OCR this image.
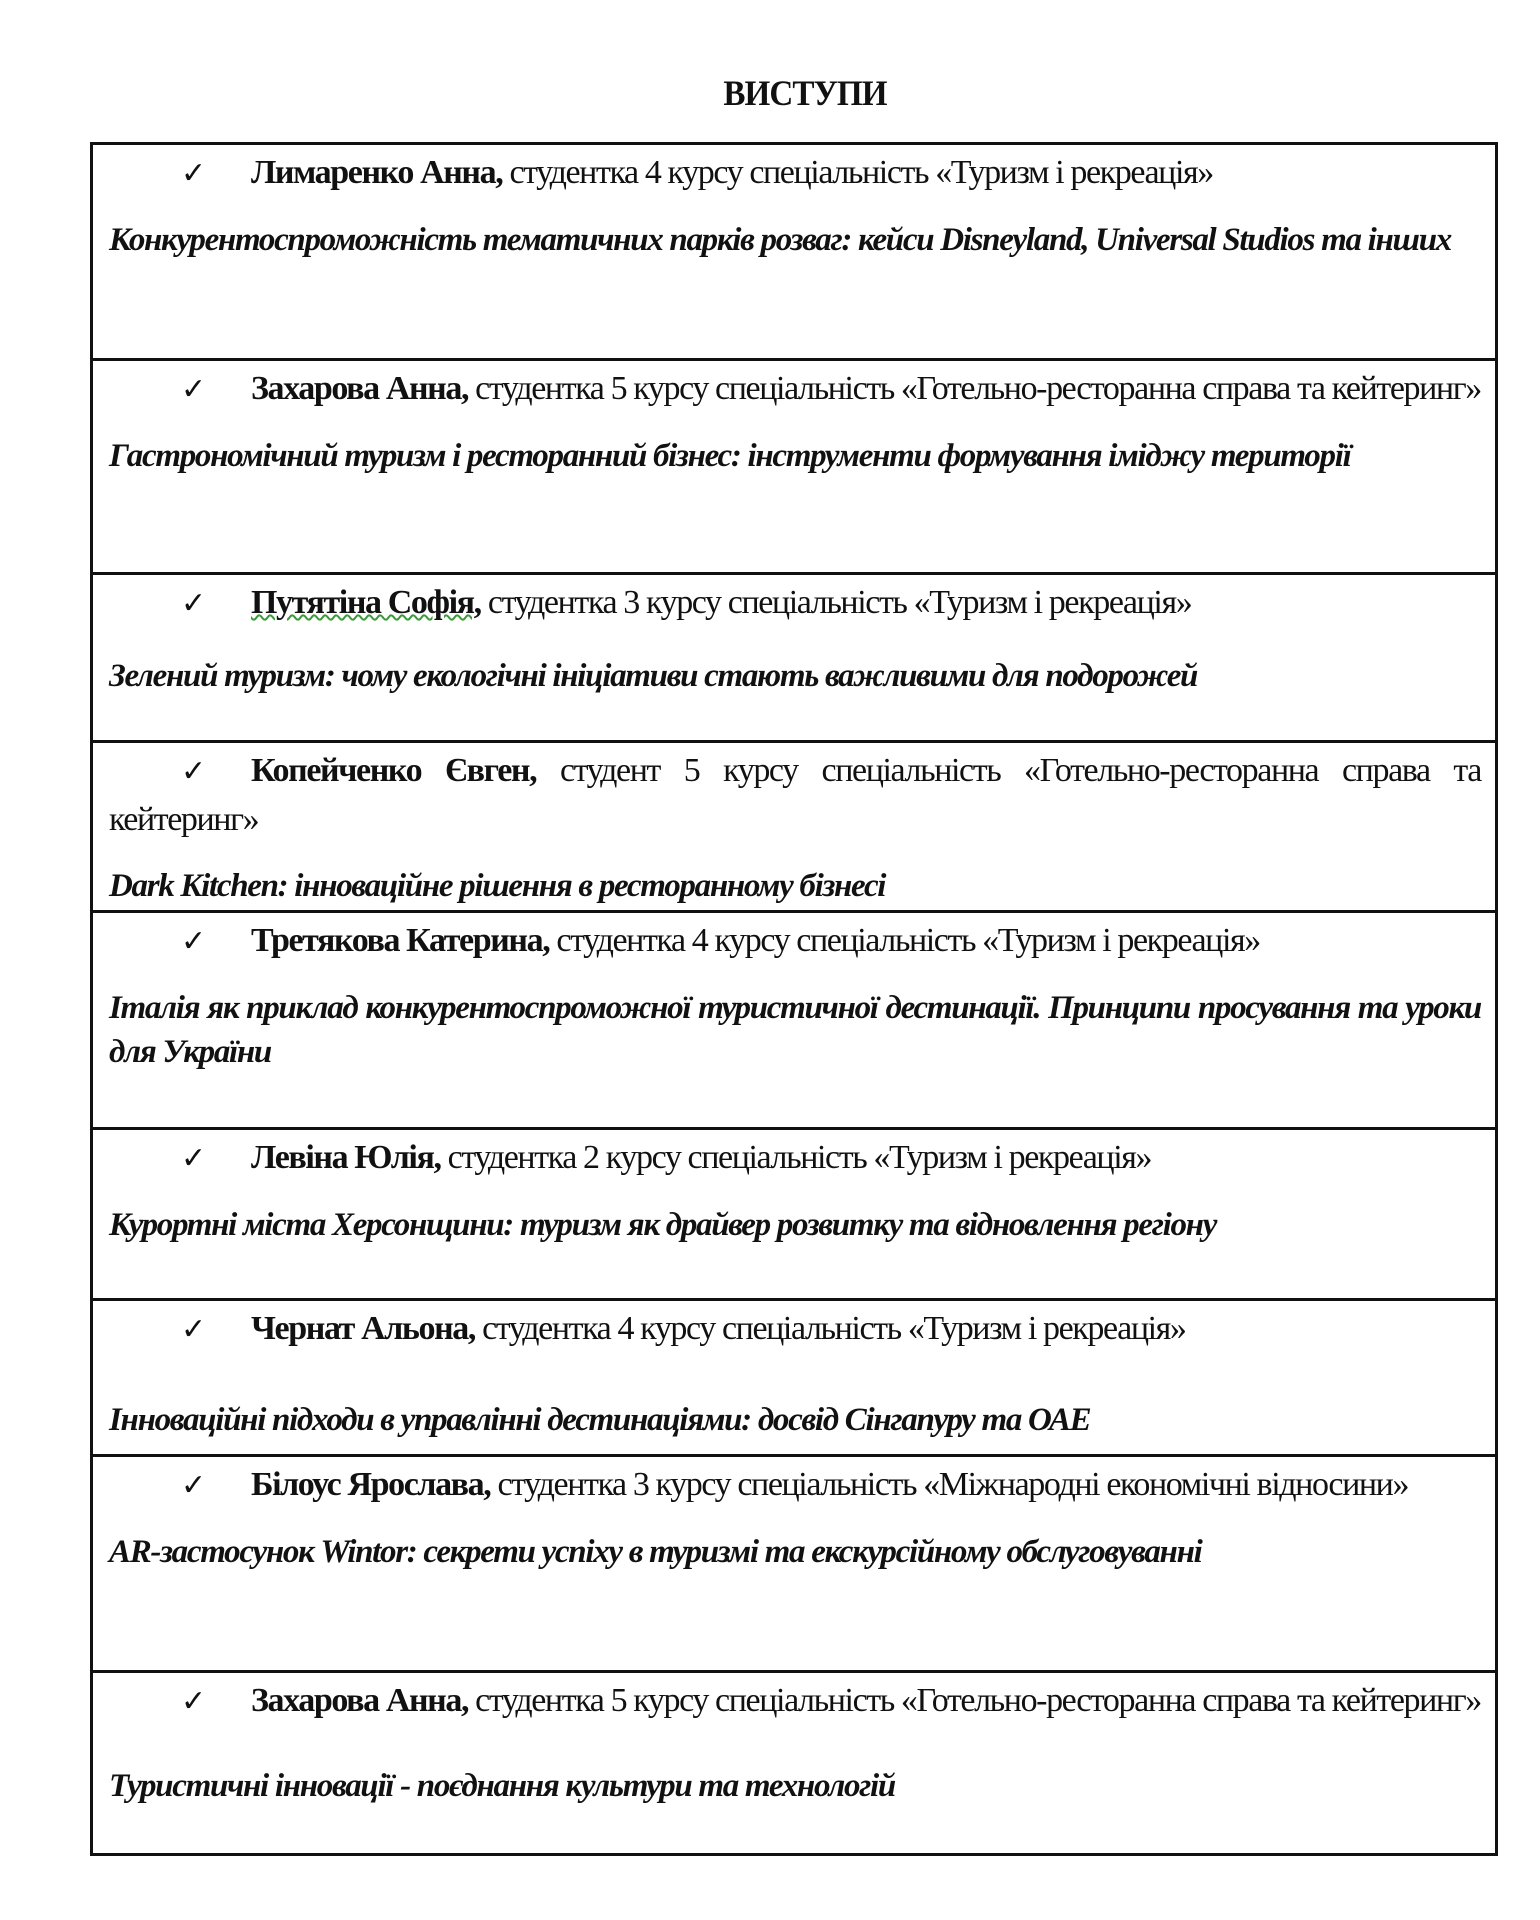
ВИСТУПИ
✓ Лимаренко Анна, студентка 4 курсу спеціальність «Туризм і рекреація»
Конкурентоспроможність тематичних парків розваг: кейси Disneyland, Universal Studios та інших
✓ Захарова Анна, студентка 5 курсу спеціальність «Готельно-ресторанна справа та кейтеринг»
Гастрономічний туризм і ресторанний бізнес: інструменти формування іміджу території
✓ Путятіна Софія, студентка 3 курсу спеціальність «Туризм і рекреація»
Зелений туризм: чому екологічні ініціативи стають важливими для подорожей
✓ Копейченко Євген, студент 5 курсу спеціальність «Готельно-ресторанна справа та кейтеринг»
Dark Kitchen: інноваційне рішення в ресторанному бізнесі
✓ Третякова Катерина, студентка 4 курсу спеціальність «Туризм і рекреація»
Італія як приклад конкурентоспроможної туристичної дестинації. Принципи просування та уроки для України
✓ Левіна Юлія, студентка 2 курсу спеціальність «Туризм і рекреація»
Курортні міста Херсонщини: туризм як драйвер розвитку та відновлення регіону
✓ Чернат Альона, студентка 4 курсу спеціальність «Туризм і рекреація»
Інноваційні підходи в управлінні дестинаціями: досвід Сінгапуру та ОАЕ
✓ Білоус Ярослава, студентка 3 курсу спеціальність «Міжнародні економічні відносини»
AR-застосунок Wintor: секрети успіху в туризмі та екскурсійному обслуговуванні
✓ Захарова Анна, студентка 5 курсу спеціальність «Готельно-ресторанна справа та кейтеринг»
Туристичні інновації - поєднання культури та технологій
